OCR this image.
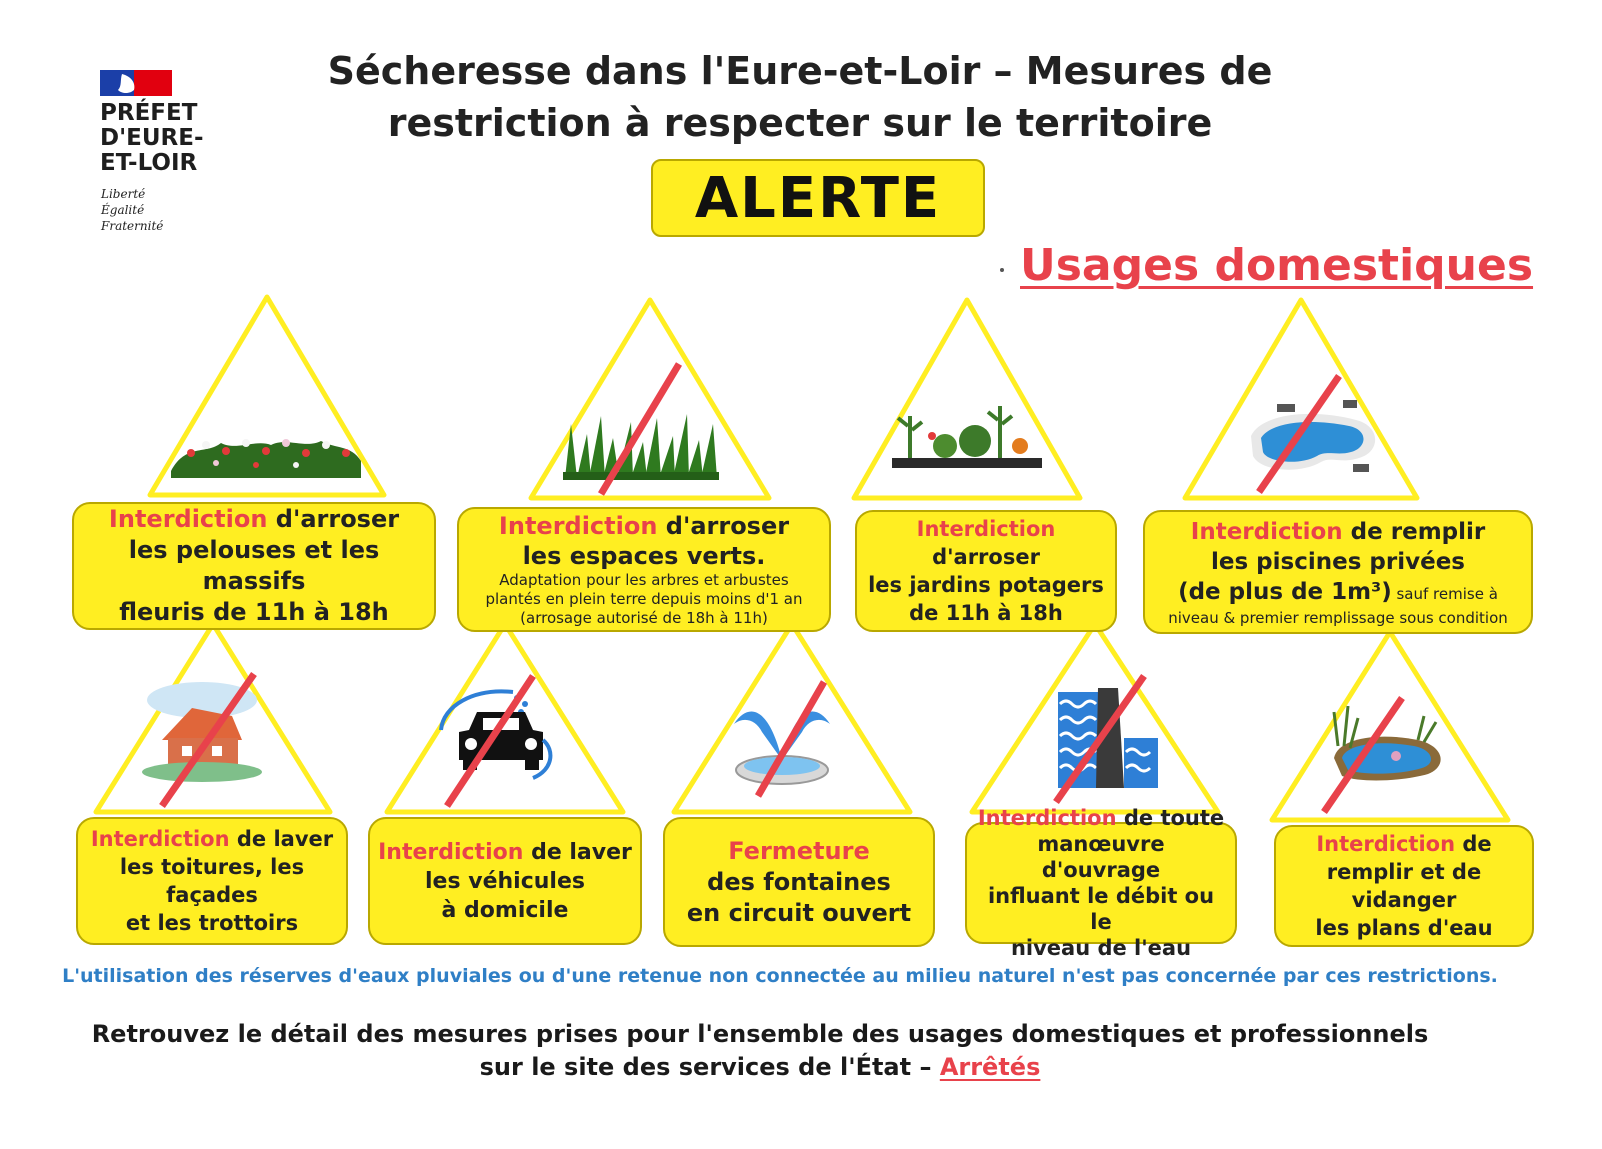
PRÉFET
D'EURE-
ET-LOIR
Liberté
Égalité
Fraternité
Sécheresse dans l'Eure-et-Loir – Mesures de
restriction à respecter sur le territoire
ALERTE
Usages domestiques
Interdiction d'arroser
les pelouses et les massifs
fleuris de 11h à 18h
Interdiction d'arroser
les espaces verts.
Adaptation pour les arbres et arbustes
plantés en plein terre depuis moins d'1 an
(arrosage autorisé de 18h à 11h)
Interdiction d'arroser
les jardins potagers
de 11h à 18h
Interdiction de remplir
les piscines privées
(de plus de 1m³) sauf remise à
niveau & premier remplissage sous condition
Interdiction de laver
les toitures, les façades
et les trottoirs
Interdiction de laver
les véhicules
à domicile
Fermeture
des fontaines
en circuit ouvert
Interdiction de toute
manœuvre d'ouvrage
influant le débit ou le
niveau de l'eau
Interdiction de
remplir et de vidanger
les plans d'eau
L'utilisation des réserves d'eaux pluviales ou d'une retenue non connectée au milieu naturel n'est pas concernée par ces restrictions.
Retrouvez le détail des mesures prises pour l'ensemble des usages domestiques et professionnels
sur le site des services de l'État – Arrêtés
